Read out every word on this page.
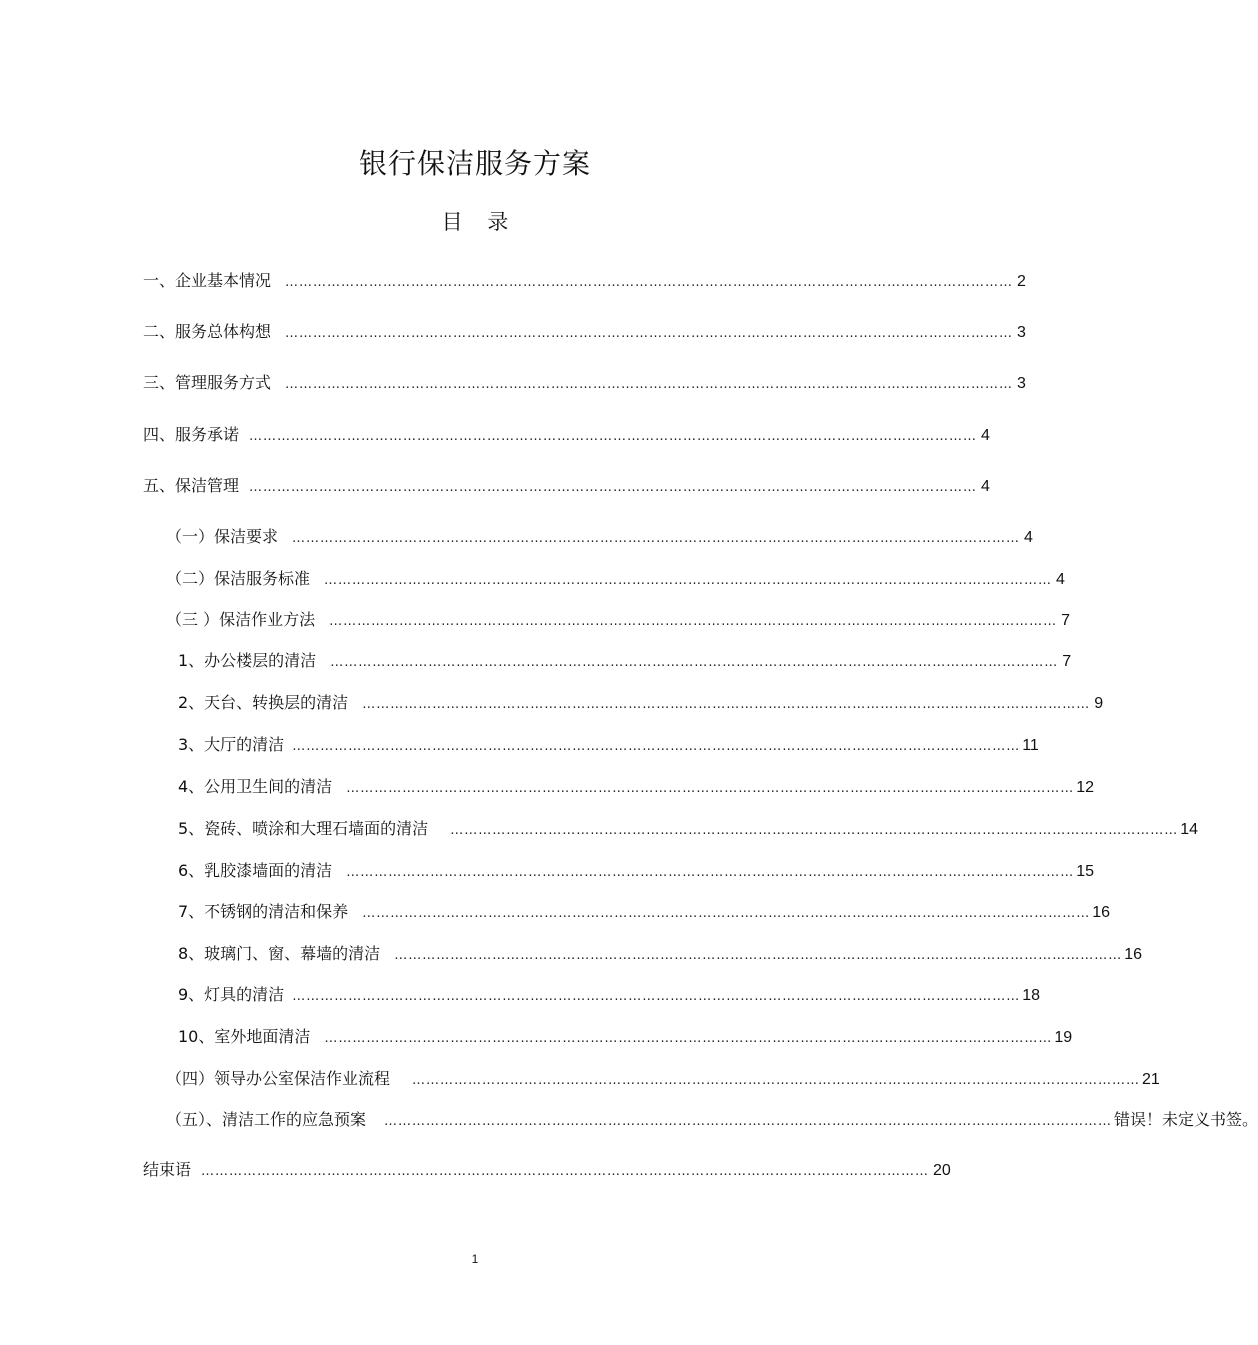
银行保洁服务方案
目 录
一、企业基本情况 ………………………………………………………………………………………………………………………………………… 2
二、服务总体构想 ………………………………………………………………………………………………………………………………………… 3
三、管理服务方式 ………………………………………………………………………………………………………………………………………… 3
四、服务承诺 ………………………………………………………………………………………………………………………………………… 4
五、保洁管理 ………………………………………………………………………………………………………………………………………… 4
（一）保洁要求 ………………………………………………………………………………………………………………………………………… 4
（二）保洁服务标准 ………………………………………………………………………………………………………………………………………… 4
（三 ）保洁作业方法 ………………………………………………………………………………………………………………………………………… 7
1、办公楼层的清洁 ………………………………………………………………………………………………………………………………………… 7
2、天台、转换层的清洁 ………………………………………………………………………………………………………………………………………… 9
3、大厅的清洁 ………………………………………………………………………………………………………………………………………… 11
4、公用卫生间的清洁 ………………………………………………………………………………………………………………………………………… 12
5、瓷砖、喷涂和大理石墙面的清洁 ………………………………………………………………………………………………………………………………………… 14
6、乳胶漆墙面的清洁 ………………………………………………………………………………………………………………………………………… 15
7、不锈钢的清洁和保养 ………………………………………………………………………………………………………………………………………… 16
8、玻璃门、窗、幕墙的清洁 ………………………………………………………………………………………………………………………………………… 16
9、灯具的清洁 ………………………………………………………………………………………………………………………………………… 18
10、室外地面清洁 ………………………………………………………………………………………………………………………………………… 19
（四）领导办公室保洁作业流程 ………………………………………………………………………………………………………………………………………… 21
（五）、清洁工作的应急预案 ………………………………………………………………………………………………………………………………………… 错误！未定义书签。
结束语 ………………………………………………………………………………………………………………………………………… 20
1
